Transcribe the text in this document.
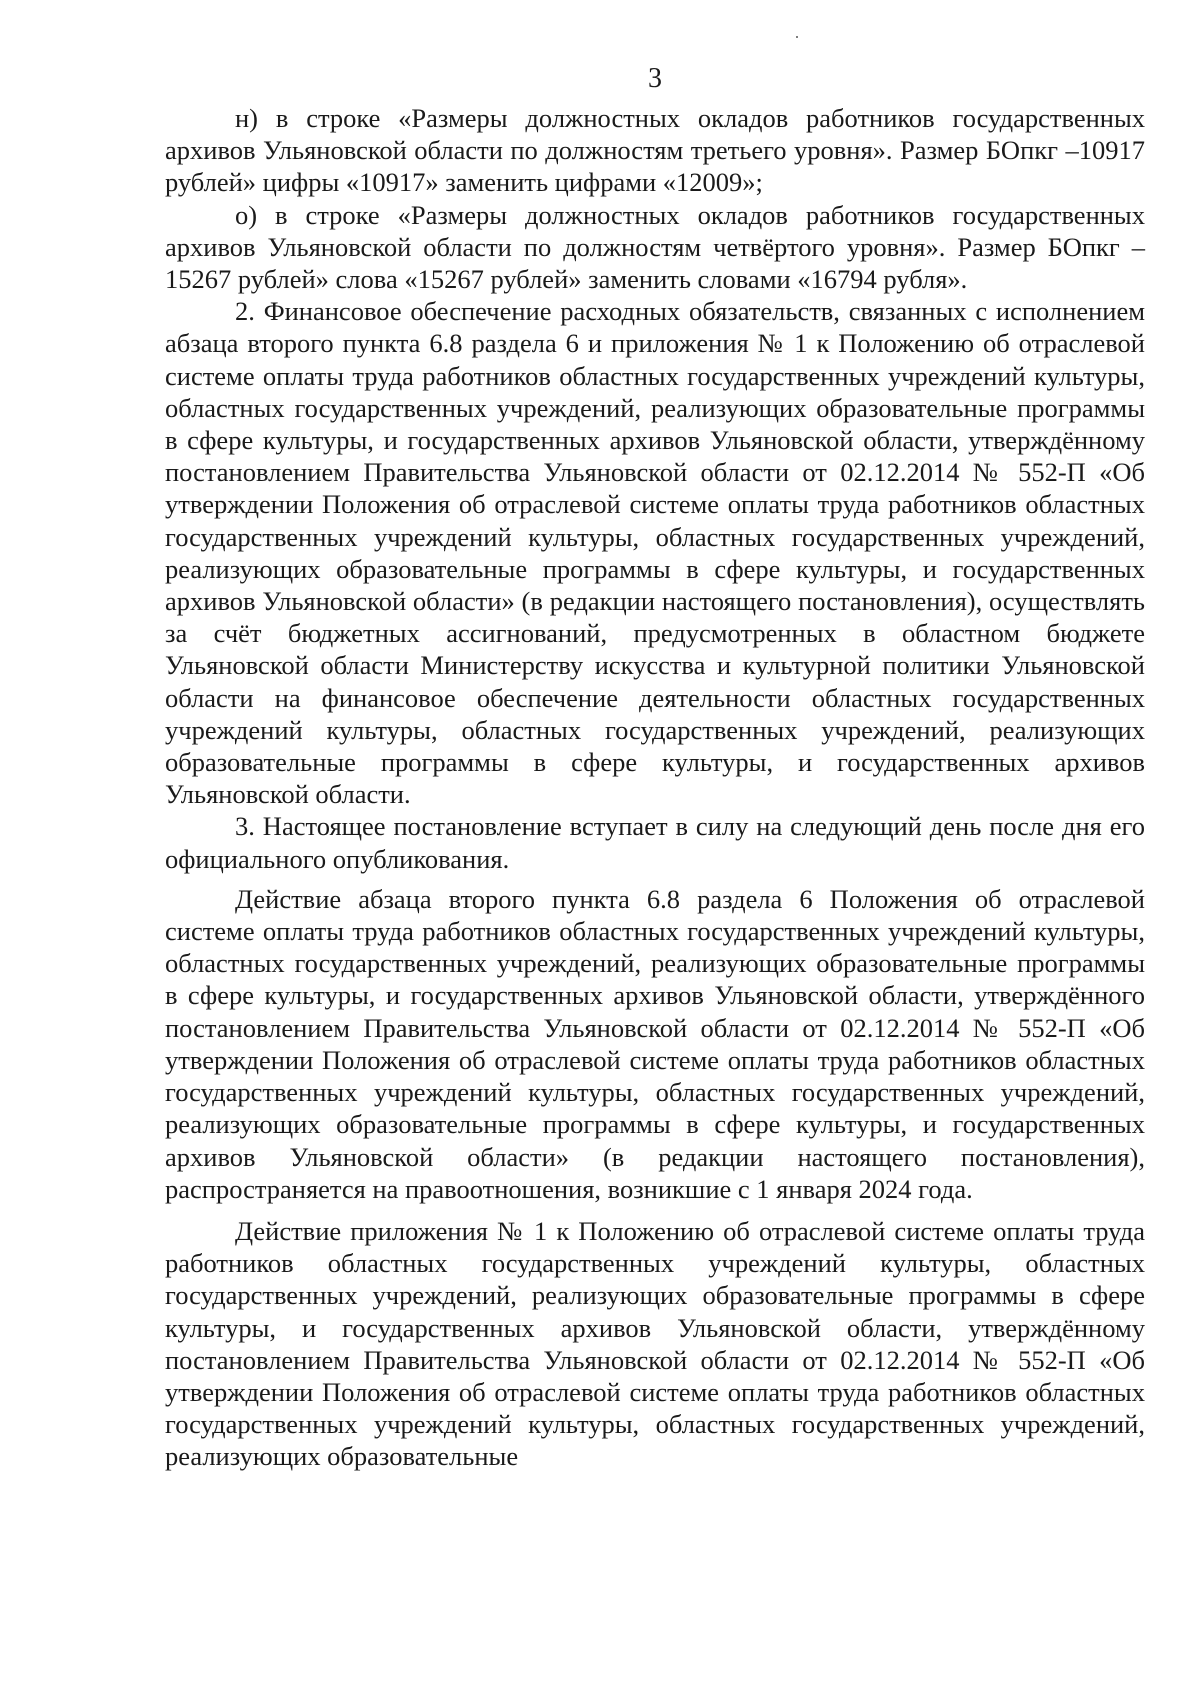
3

н) в строке «Размеры должностных окладов работников государственных архивов Ульяновской области по должностям третьего уровня». Размер БОпкг –10917 рублей» цифры «10917» заменить цифрами «12009»;

о) в строке «Размеры должностных окладов работников государственных архивов Ульяновской области по должностям четвёртого уровня». Размер БОпкг – 15267 рублей» слова «15267 рублей» заменить словами «16794 рубля».

2. Финансовое обеспечение расходных обязательств, связанных с исполнением абзаца второго пункта 6.8 раздела 6 и приложения № 1 к Положению об отраслевой системе оплаты труда работников областных государственных учреждений культуры, областных государственных учреждений, реализующих образовательные программы в сфере культуры, и государственных архивов Ульяновской области, утверждённому постановлением Правительства Ульяновской области от 02.12.2014 № 552-П «Об утверждении Положения об отраслевой системе оплаты труда работников областных государственных учреждений культуры, областных государственных учреждений, реализующих образовательные программы в сфере культуры, и государственных архивов Ульяновской области» (в редакции настоящего постановления), осуществлять за счёт бюджетных ассигнований, предусмотренных в областном бюджете Ульяновской области Министерству искусства и культурной политики Ульяновской области на финансовое обеспечение деятельности областных государственных учреждений культуры, областных государственных учреждений, реализующих образовательные программы в сфере культуры, и государственных архивов Ульяновской области.

3. Настоящее постановление вступает в силу на следующий день после дня его официального опубликования.

Действие абзаца второго пункта 6.8 раздела 6 Положения об отраслевой системе оплаты труда работников областных государственных учреждений культуры, областных государственных учреждений, реализующих образовательные программы в сфере культуры, и государственных архивов Ульяновской области, утверждённого постановлением Правительства Ульяновской области от 02.12.2014 № 552-П «Об утверждении Положения об отраслевой системе оплаты труда работников областных государственных учреждений культуры, областных государственных учреждений, реализующих образовательные программы в сфере культуры, и государственных архивов Ульяновской области» (в редакции настоящего постановления), распространяется на правоотношения, возникшие с 1 января 2024 года.

Действие приложения № 1 к Положению об отраслевой системе оплаты труда работников областных государственных учреждений культуры, областных государственных учреждений, реализующих образовательные программы в сфере культуры, и государственных архивов Ульяновской области, утверждённому постановлением Правительства Ульяновской области от 02.12.2014 № 552-П «Об утверждении Положения об отраслевой системе оплаты труда работников областных государственных учреждений культуры, областных государственных учреждений, реализующих образовательные
